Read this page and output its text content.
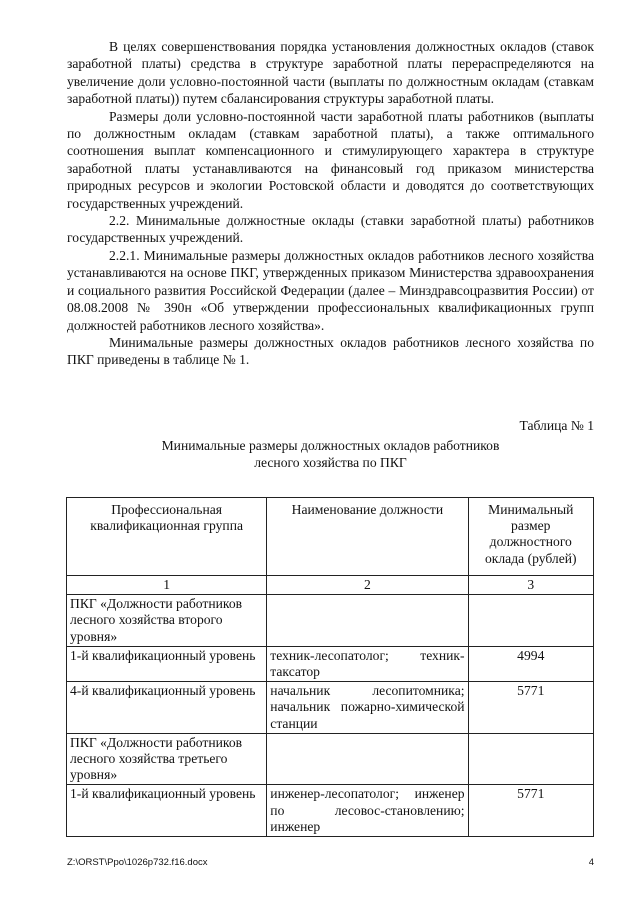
В целях совершенствования порядка установления должностных окладов (ставок заработной платы) средства в структуре заработной платы перераспределяются на увеличение доли условно-постоянной части (выплаты по должностным окладам (ставкам заработной платы)) путем сбалансирования структуры заработной платы.

Размеры доли условно-постоянной части заработной платы работников (выплаты по должностным окладам (ставкам заработной платы), а также оптимального соотношения выплат компенсационного и стимулирующего характера в структуре заработной платы устанавливаются на финансовый год приказом министерства природных ресурсов и экологии Ростовской области и доводятся до соответствующих государственных учреждений.

2.2. Минимальные должностные оклады (ставки заработной платы) работников государственных учреждений.

2.2.1. Минимальные размеры должностных окладов работников лесного хозяйства устанавливаются на основе ПКГ, утвержденных приказом Министерства здравоохранения и социального развития Российской Федерации (далее – Минздравсоцразвития России) от 08.08.2008 № 390н «Об утверждении профессиональных квалификационных групп должностей работников лесного хозяйства».

Минимальные размеры должностных окладов работников лесного хозяйства по ПКГ приведены в таблице № 1.

Таблица № 1
Минимальные размеры должностных окладов работников
лесного хозяйства по ПКГ
Профессиональная квалификационная группа	Наименование должности	Минимальный размер должностного оклада (рублей)
1	2	3
ПКГ «Должности работников лесного хозяйства второго уровня»		
1-й квалификационный уровень	техник-лесопатолог; техник-таксатор	4994
4-й квалификационный уровень	начальник лесопитомника; начальник пожарно-химической станции	5771
ПКГ «Должности работников лесного хозяйства третьего уровня»		
1-й квалификационный уровень	инженер-лесопатолог; инженер по лесовос-становлению; инженер	5771
Z:\ORST\Ppo\1026p732.f16.docx	4
